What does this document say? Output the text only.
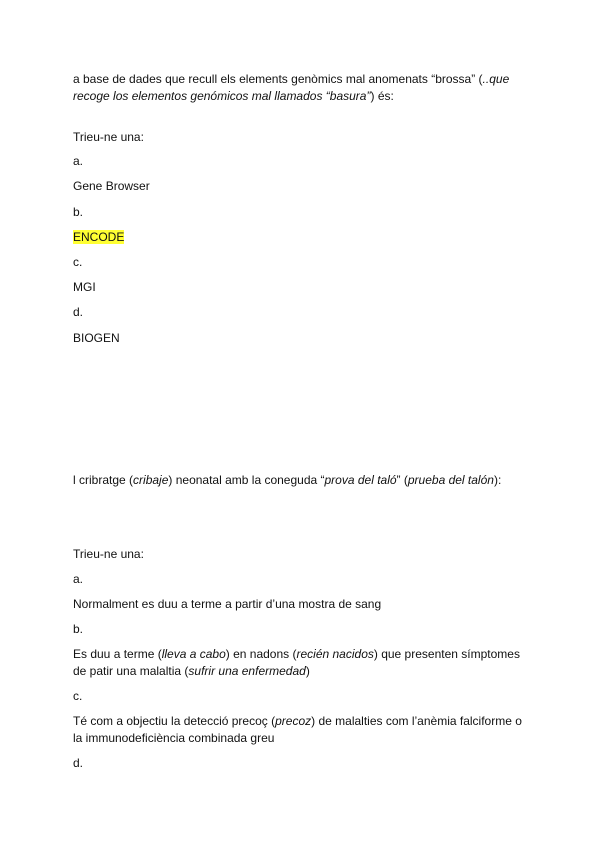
a base de dades que recull els elements genòmics mal anomenats “brossa” (..que
recoge los elementos genómicos mal llamados “basura”) és:
Trieu-ne una:
a.
Gene Browser
b.
ENCODE
c.
MGI
d.
BIOGEN
l cribratge (cribaje) neonatal amb la coneguda “prova del taló” (prueba del talón):
Trieu-ne una:
a.
Normalment es duu a terme a partir d’una mostra de sang
b.
Es duu a terme (lleva a cabo) en nadons (recién nacidos) que presenten símptomes
de patir una malaltia (sufrir una enfermedad)
c.
Té com a objectiu la detecció precoç (precoz) de malalties com l’anèmia falciforme o
la immunodeficiència combinada greu
d.
